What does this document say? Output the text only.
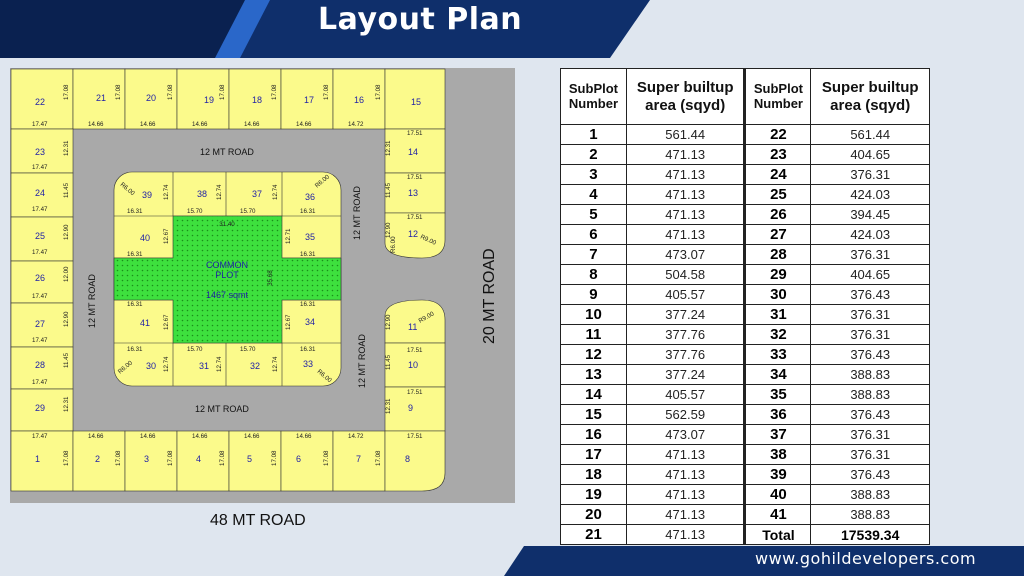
Layout Plan
COMMON
PLOT
1467 sqmt
31.40
35.68
12 MT ROAD
12 MT ROAD
12 MT ROAD
12 MT ROAD
12 MT ROAD
48 MT ROAD
20 MT ROAD
22	21	20	19	18	17	16	15
23
24
25
26
27
28
29
14
13
12
11
10
9
1	2	3	4	5	6	7	8
39	38	37	36
40	35
41	34
30	31	32	33
17.47	14.66	14.66	14.66	14.66	14.66	14.72
17.51
17.08	17.08	17.08	17.08	17.08	17.08	17.08
17.47
17.47
17.47
17.47
17.47
17.47
12.31
11.45
12.90
12.00
12.90
11.45
12.31
12.31
11.45
12.90
12.90
11.45
12.31
17.51
17.51
17.51
17.51
17.51
17.47	14.66	14.66	14.66	14.66	14.66	14.72
17.08	17.08	17.08	17.08	17.08	17.08	17.08
16.31	15.70	15.70	16.31
16.31	16.31
16.31	16.31
16.31	15.70	15.70	16.31
12.74	12.74	12.74
12.67	12.71
12.67	12.67
12.74	12.74	12.74
R6.00	R6.00
R6.00
R6.00
R9.00
R9.00
R6.00
SubPlot Number	Super builtup area (sqyd)	SubPlot Number	Super builtup area (sqyd)
1	561.44	22	561.44
2	471.13	23	404.65
3	471.13	24	376.31
4	471.13	25	424.03
5	471.13	26	394.45
6	471.13	27	424.03
7	473.07	28	376.31
8	504.58	29	404.65
9	405.57	30	376.43
10	377.24	31	376.31
11	377.76	32	376.31
12	377.76	33	376.43
13	377.24	34	388.83
14	405.57	35	388.83
15	562.59	36	376.43
16	473.07	37	376.31
17	471.13	38	376.31
18	471.13	39	376.43
19	471.13	40	388.83
20	471.13	41	388.83
21	471.13	Total	17539.34
www.gohildevelopers.com
